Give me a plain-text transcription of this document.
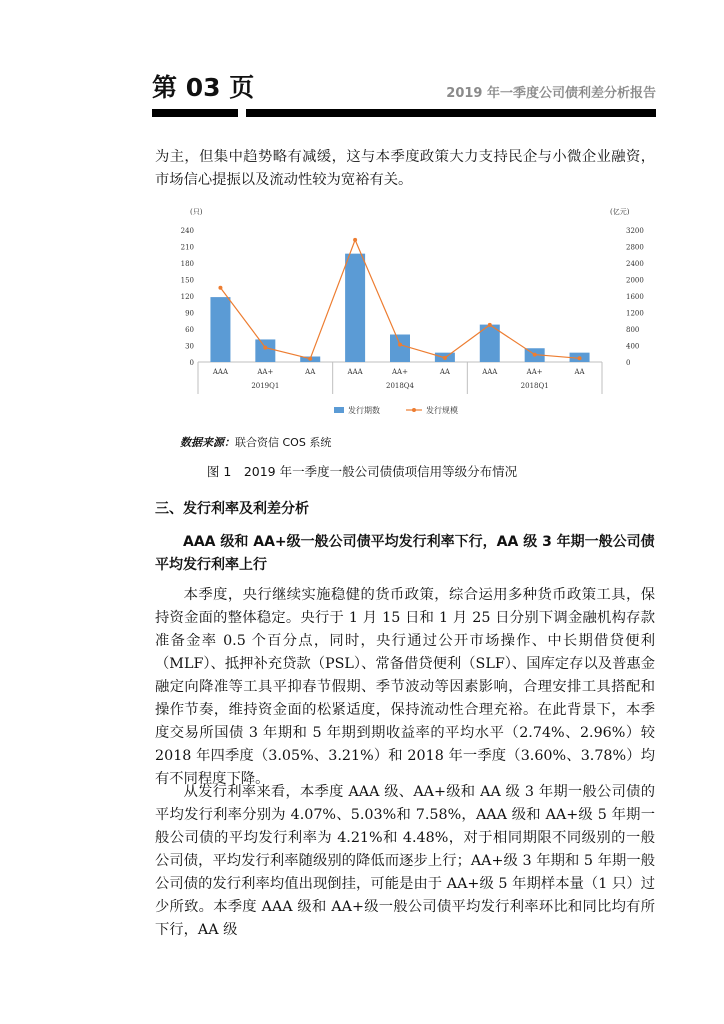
第 03 页	2019 年一季度公司债利差分析报告

为主，但集中趋势略有减缓，这与本季度政策大力支持民企与小微企业融资，市场信心提振以及流动性较为宽裕有关。

(只)	(亿元)
0
30
60
90
120
150
180
210
240
0
400
800
1200
1600
2000
2400
2800
3200
AAA	AA+	AA	AAA	AA+	AA	AAA	AA+	AA
2019Q1	2018Q4	2018Q1
发行期数	发行规模
数据来源：联合资信 COS 系统
图 1　2019 年一季度一般公司债债项信用等级分布情况
三、发行利率及利差分析

AAA 级和 AA+级一般公司债平均发行利率下行，AA 级 3 年期一般公司债平均发行利率上行

本季度，央行继续实施稳健的货币政策，综合运用多种货币政策工具，保持资金面的整体稳定。央行于 1 月 15 日和 1 月 25 日分别下调金融机构存款准备金率 0.5 个百分点，同时，央行通过公开市场操作、中长期借贷便利（MLF）、抵押补充贷款（PSL）、常备借贷便利（SLF）、国库定存以及普惠金融定向降准等工具平抑春节假期、季节波动等因素影响，合理安排工具搭配和操作节奏，维持资金面的松紧适度，保持流动性合理充裕。在此背景下，本季度交易所国债 3 年期和 5 年期到期收益率的平均水平（2.74%、2.96%）较 2018 年四季度（3.05%、3.21%）和 2018 年一季度（3.60%、3.78%）均有不同程度下降。

从发行利率来看，本季度 AAA 级、AA+级和 AA 级 3 年期一般公司债的平均发行利率分别为 4.07%、5.03%和 7.58%，AAA 级和 AA+级 5 年期一般公司债的平均发行利率为 4.21%和 4.48%，对于相同期限不同级别的一般公司债，平均发行利率随级别的降低而逐步上行；AA+级 3 年期和 5 年期一般公司债的发行利率均值出现倒挂，可能是由于 AA+级 5 年期样本量（1 只）过少所致。本季度 AAA 级和 AA+级一般公司债平均发行利率环比和同比均有所下行，AA 级
